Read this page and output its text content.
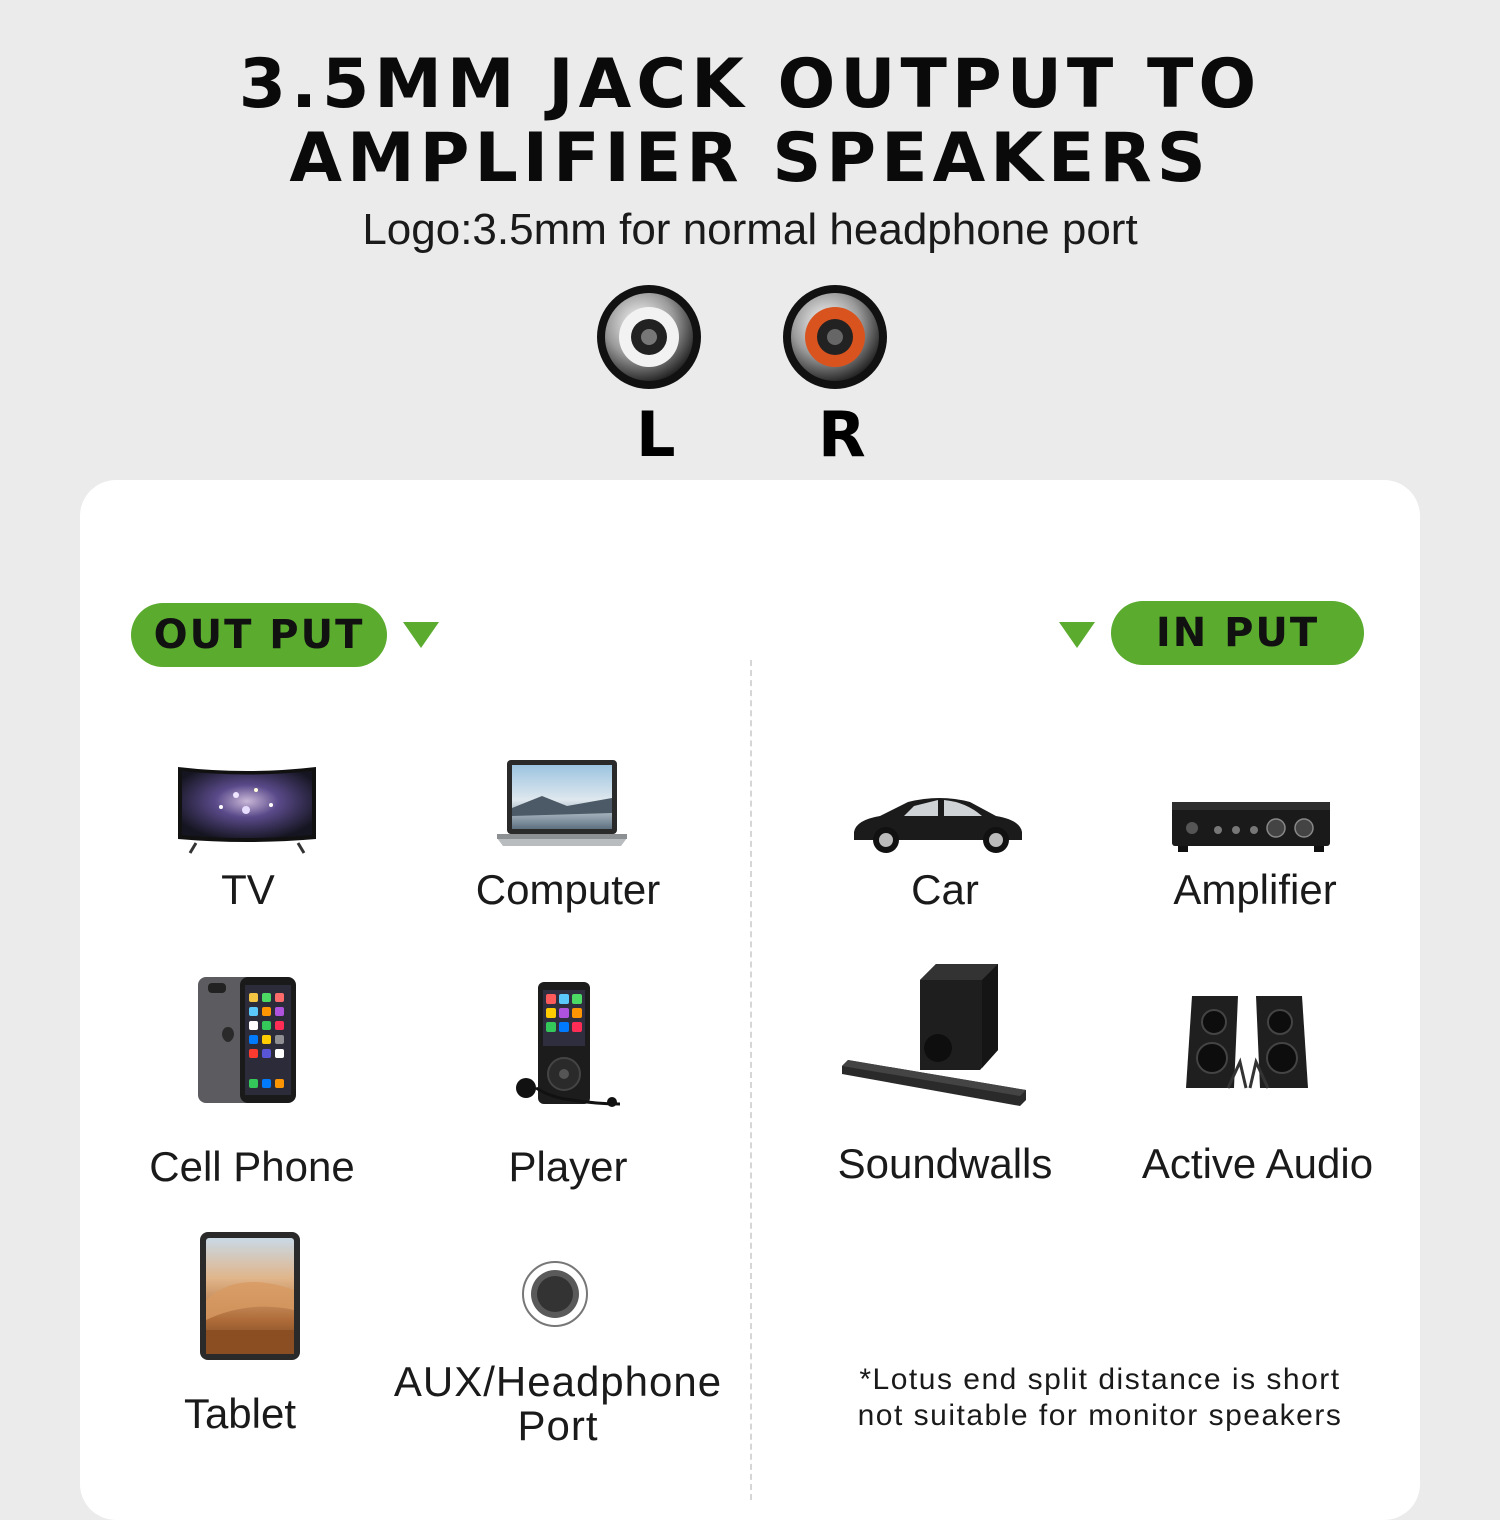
3.5MM JACK OUTPUT TO
AMPLIFIER SPEAKERS
Logo:3.5mm for normal headphone port
L R
OUT PUT	IN PUT
TV	Computer
Cell Phone	Player
Tablet
AUX/Headphone
Port
Car	Amplifier
Soundwalls	Active Audio
*Lotus end split distance is short
not suitable for monitor speakers
